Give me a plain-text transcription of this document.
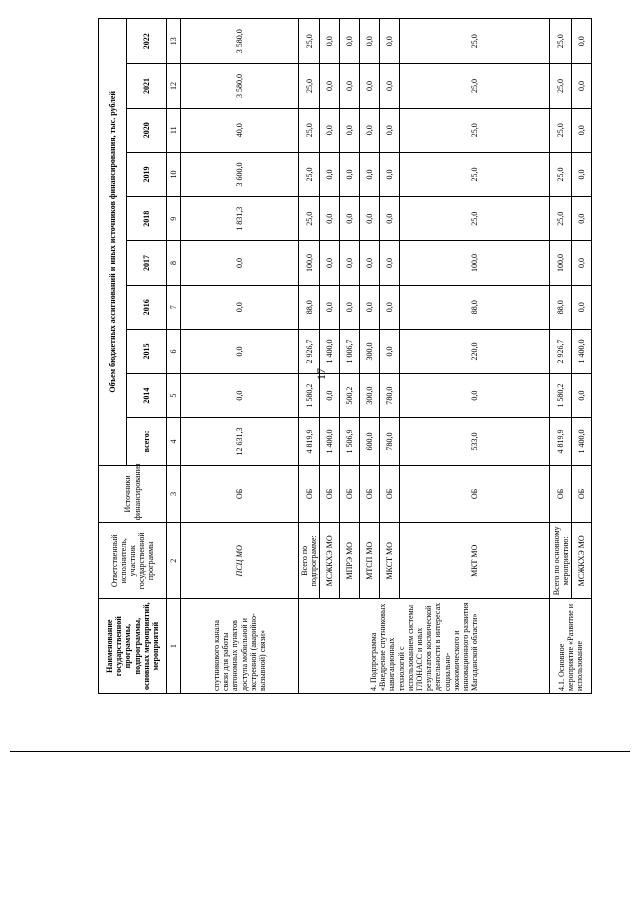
17
Наименование государственной программы, подпрограммы, основных мероприятий, мероприятий	Ответственный исполнитель, участник государственной программы	Источники финансирования	Объем бюджетных ассигнований и иных источников финансирования, тыс. рублей									
			всего:	2014	2015	2016	2017	2018	2019	2020	2021	2022
1	2	3	4	5	6	7	8	9	10	11	12	13
спутникового канала связи для работы автономных пунктов доступа мобильной и экстренной (аварийно-вызывной) связи»	ПСЦ МО	ОБ	12 631,3	0,0	0,0	0,0	0,0	1 831,3	3 600,0	40,0	3 580,0	3 580,0
4. Подпрограмма «Внедрение спутниковых навигационных технологий с использованием системы ГЛОНАСС и иных результатов космической деятельности в интересах социально-экономического и инновационного развития Магаданской области»	Всего по подпрограмме:	ОБ	4 819,9	1 580,2	2 926,7	88,0	100,0	25,0	25,0	25,0	25,0	25,0
	МСЖКХЭ МО	ОБ	1 400,0	0,0	1 400,0	0,0	0,0	0,0	0,0	0,0	0,0	0,0
	МПРЭ МО	ОБ	1 506,9	500,2	1 006,7	0,0	0,0	0,0	0,0	0,0	0,0	0,0
	МТСП МО	ОБ	600,0	300,0	300,0	0,0	0,0	0,0	0,0	0,0	0,0	0,0
	МКСТ МО	ОБ	780,0	780,0	0,0	0,0	0,0	0,0	0,0	0,0	0,0	0,0
	МКТ МО	ОБ	533,0	0,0	220,0	88,0	100,0	25,0	25,0	25,0	25,0	25,0
4.1. Основное мероприятие «Развитие и использование	Всего по основному мероприятию:	ОБ	4 819,9	1 580,2	2 926,7	88,0	100,0	25,0	25,0	25,0	25,0	25,0
	МСЖКХЭ МО	ОБ	1 400,0	0,0	1 400,0	0,0	0,0	0,0	0,0	0,0	0,0	0,0
